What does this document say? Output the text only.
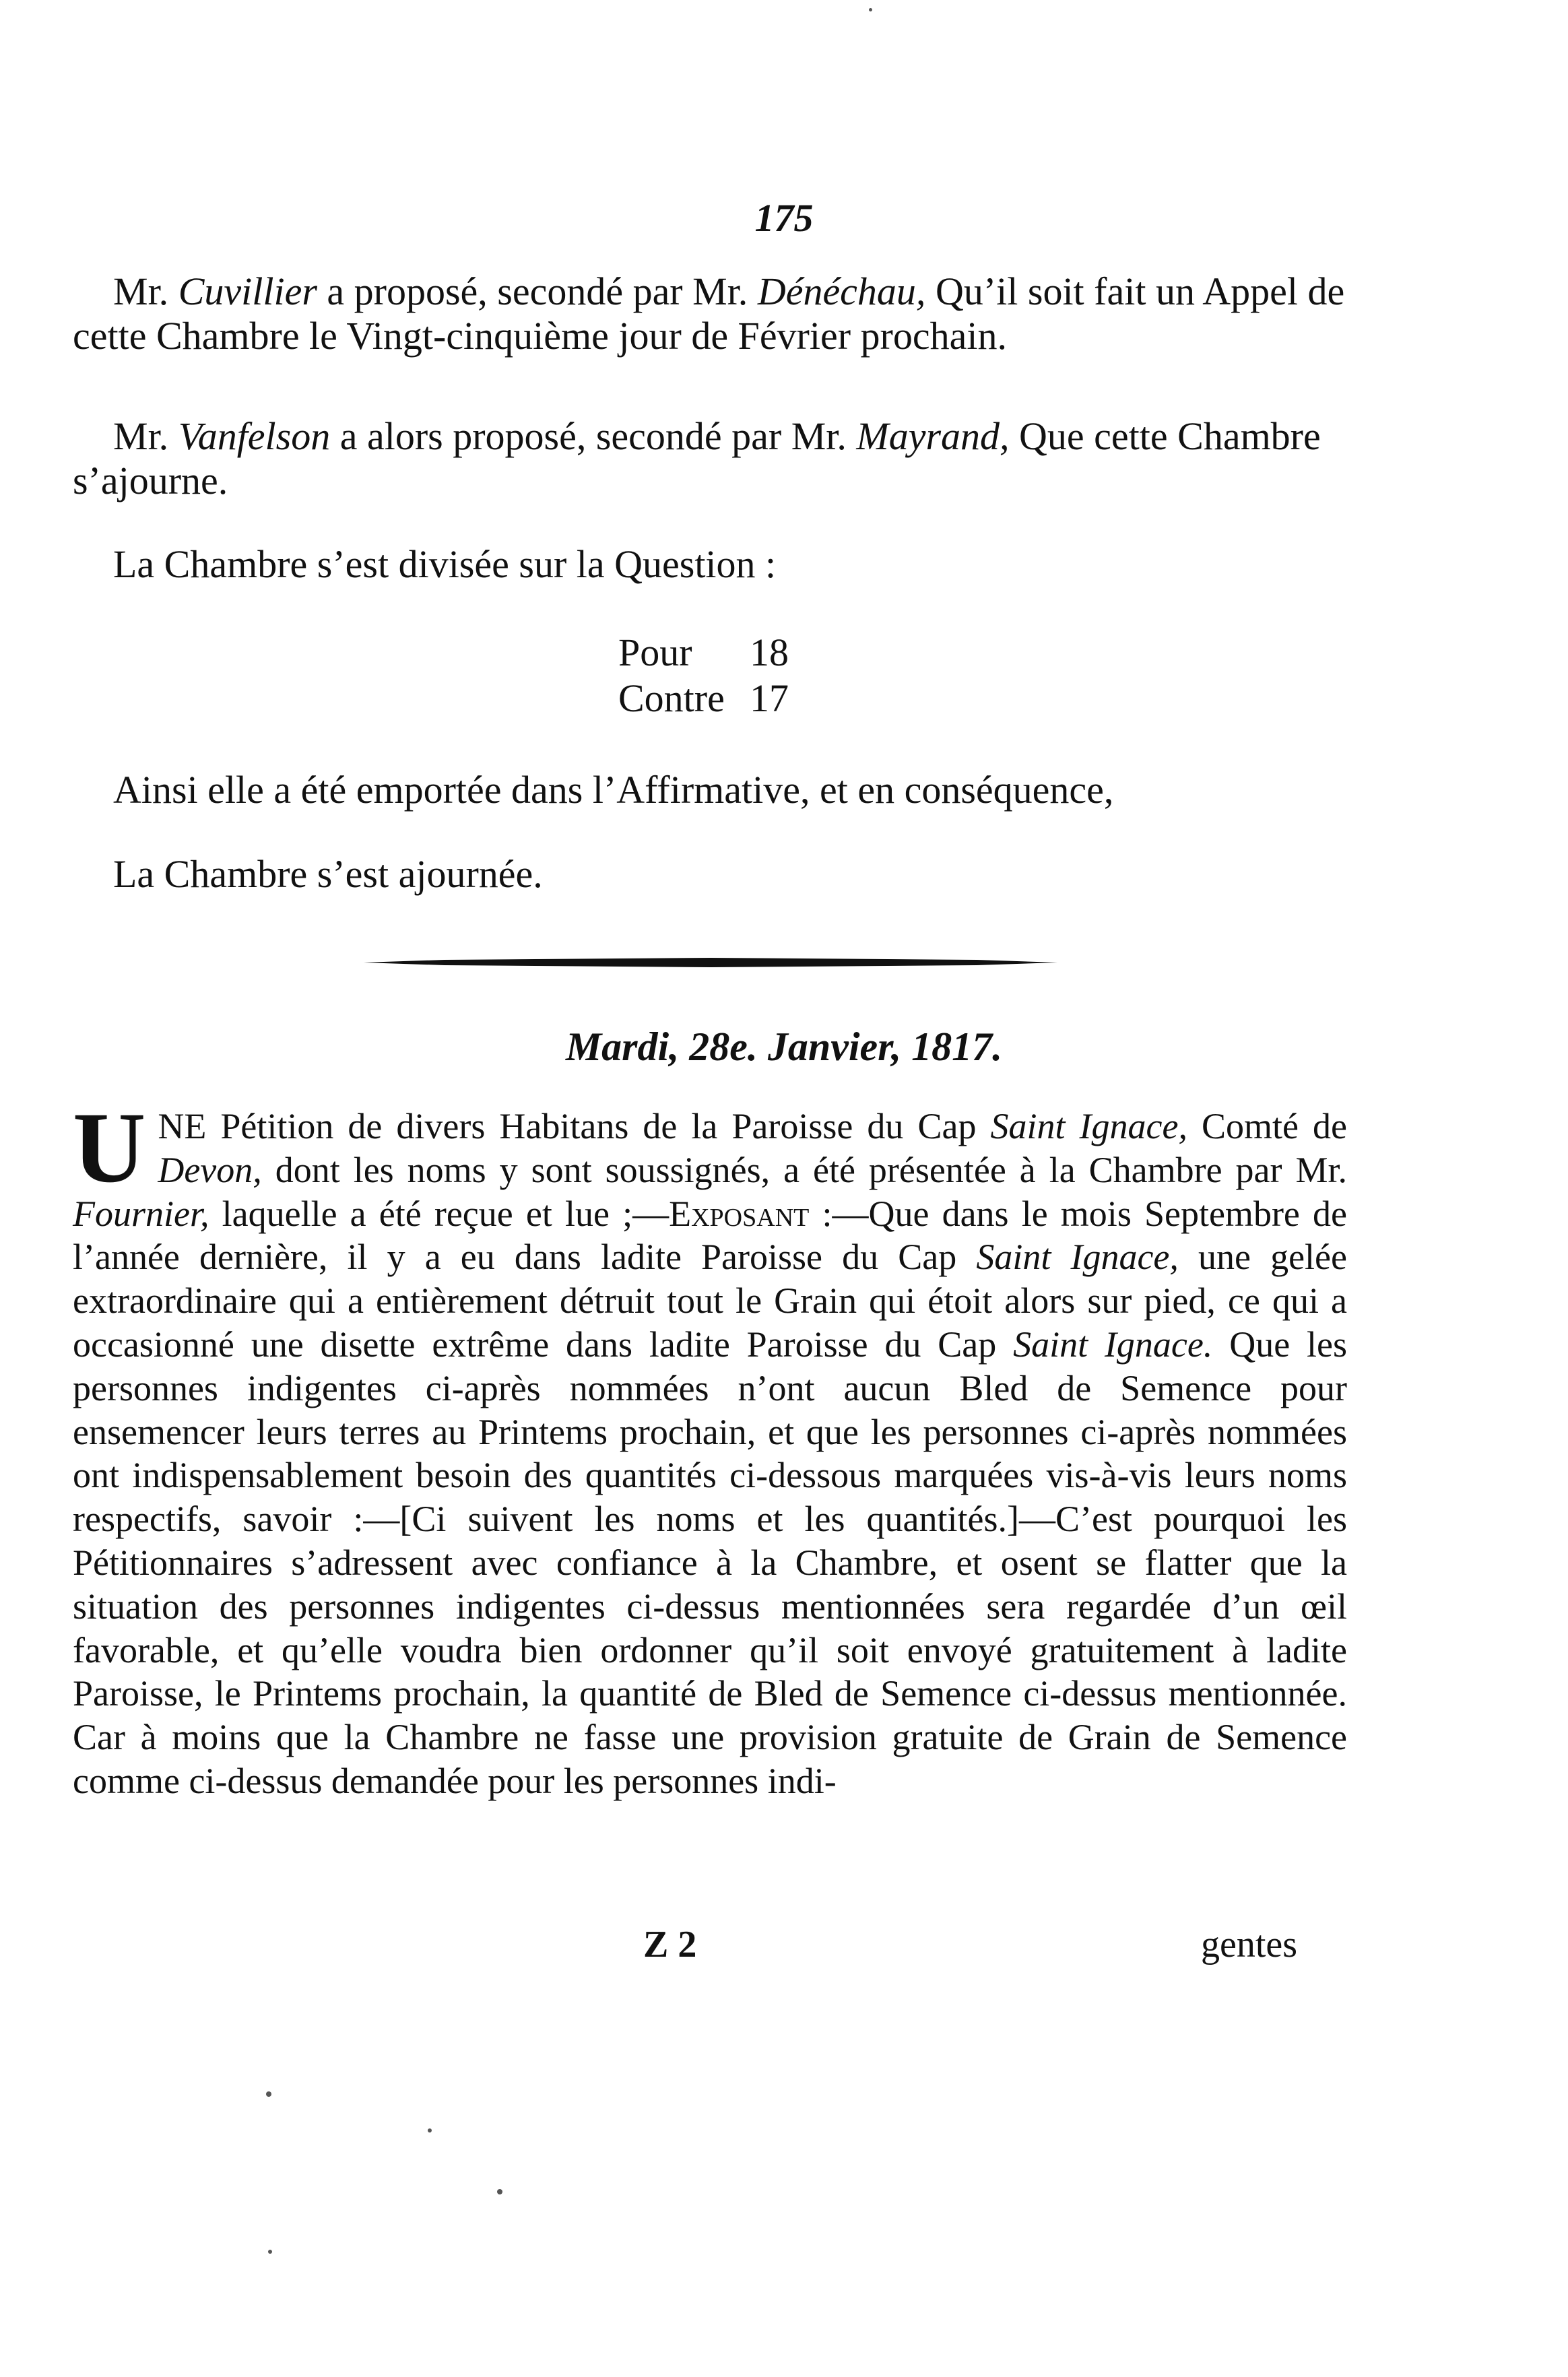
175

Mr. Cuvillier a proposé, secondé par Mr. Dénéchau, Qu’il soit fait un Appel de cette Chambre le Vingt-cinquième jour de Février prochain.

Mr. Vanfelson a alors proposé, secondé par Mr. Mayrand, Que cette Chambre s’ajourne.

La Chambre s’est divisée sur la Question :

Pour 18
Contre 17

Ainsi elle a été emportée dans l’Affirmative, et en conséquence,

La Chambre s’est ajournée.

Mardi, 28e. Janvier, 1817.

UNE Pétition de divers Habitans de la Paroisse du Cap Saint Ignace, Comté de Devon, dont les noms y sont soussignés, a été présentée à la Chambre par Mr. Fournier, laquelle a été reçue et lue ;—Exposant :—Que dans le mois Septembre de l’année dernière, il y a eu dans ladite Paroisse du Cap Saint Ignace, une gelée extraordinaire qui a entièrement détruit tout le Grain qui étoit alors sur pied, ce qui a occasionné une disette extrême dans ladite Paroisse du Cap Saint Ignace. Que les personnes indigentes ci-après nommées n’ont aucun Bled de Semence pour ensemencer leurs terres au Printems prochain, et que les personnes ci-après nommées ont indispensablement besoin des quantités ci-dessous marquées vis-à-vis leurs noms respectifs, savoir :—[Ci suivent les noms et les quantités.]—C’est pourquoi les Pétitionnaires s’adressent avec confiance à la Chambre, et osent se flatter que la situation des personnes indigentes ci-dessus mentionnées sera regardée d’un œil favorable, et qu’elle voudra bien ordonner qu’il soit envoyé gratuitement à ladite Paroisse, le Printems prochain, la quantité de Bled de Semence ci-dessus mentionnée. Car à moins que la Chambre ne fasse une provision gratuite de Grain de Semence comme ci-dessus demandée pour les personnes indi-

Z 2	gentes
